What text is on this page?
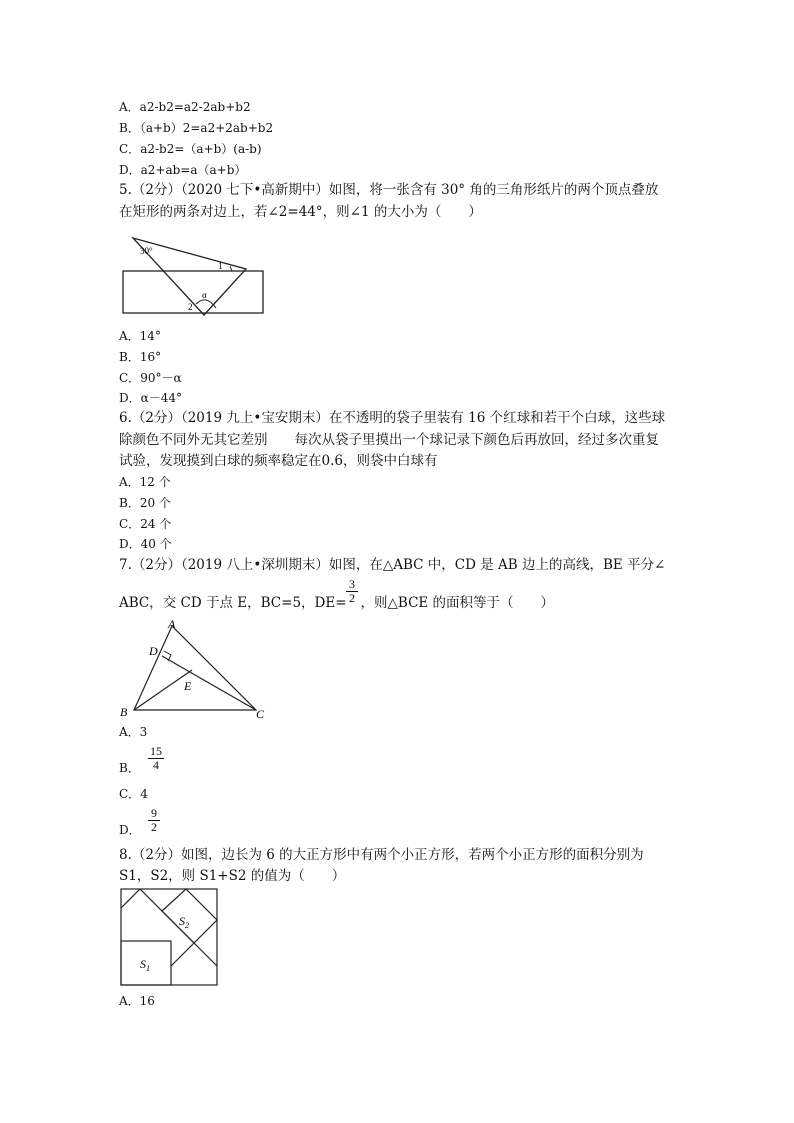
A．a2-b2=a2-2ab+b2
B．（a+b）2=a2+2ab+b2
C．a2-b2=（a+b）(a-b)
D．a2+ab=a（a+b）
5.（2分）（2020 七下•高新期中）如图，将一张含有 30° 角的三角形纸片的两个顶点叠放
在矩形的两条对边上，若∠2=44°，则∠1 的大小为（　　）
30°
1
2
α
A．14°
B．16°
C．90°－α
D．α－44°
6.（2分）（2019 九上•宝安期末）在不透明的袋子里装有 16 个红球和若干个白球，这些球
除颜色不同外无其它差别　　每次从袋子里摸出一个球记录下颜色后再放回，经过多次重复
试验，发现摸到白球的频率稳定在0.6，则袋中白球有
A．12 个
B．20 个
C．24 个
D．40 个
7.（2分）（2019 八上•深圳期末）如图，在△ABC 中，CD 是 AB 边上的高线，BE 平分∠
ABC，交 CD 于点 E，BC=5，DE= ，则△BCE 的面积等于（　　）
3
2
A
D
E
B	C
A．3
B．
15
4
C．4
D．
9
2
8.（2分）如图，边长为 6 的大正方形中有两个小正方形，若两个小正方形的面积分别为
S1，S2，则 S1+S2 的值为（　　）
$S_2$
$S_1$
A．16
